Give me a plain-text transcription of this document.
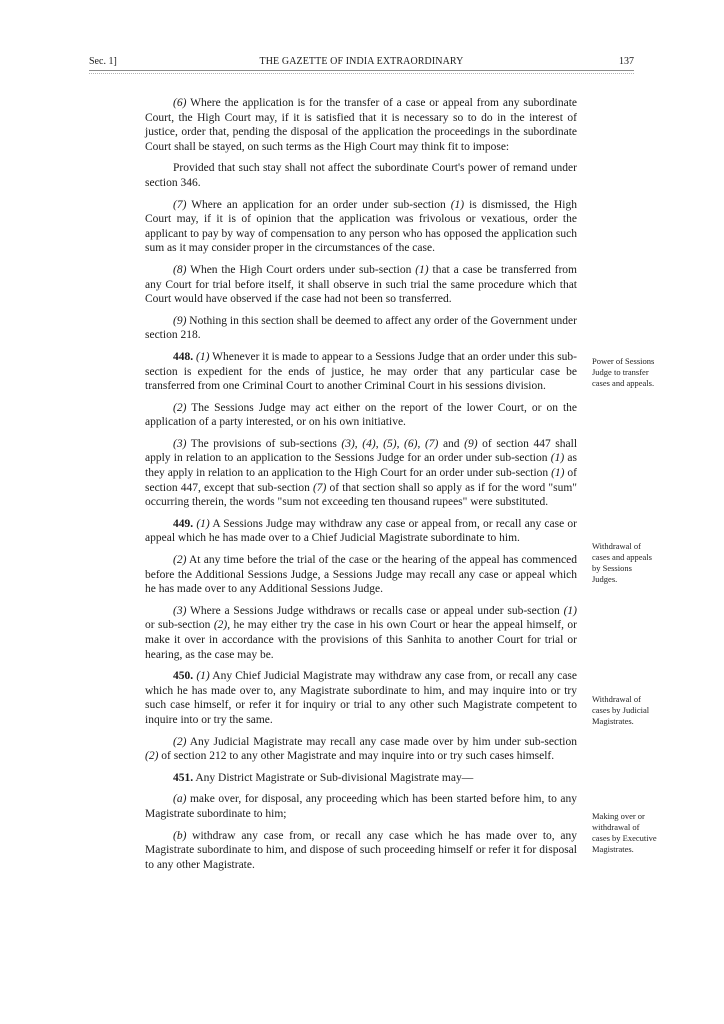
Sec. 1]	THE GAZETTE OF INDIA EXTRAORDINARY	137

(6) Where the application is for the transfer of a case or appeal from any subordinate Court, the High Court may, if it is satisfied that it is necessary so to do in the interest of justice, order that, pending the disposal of the application the proceedings in the subordinate Court shall be stayed, on such terms as the High Court may think fit to impose:

Provided that such stay shall not affect the subordinate Court's power of remand under section 346.

(7) Where an application for an order under sub-section (1) is dismissed, the High Court may, if it is of opinion that the application was frivolous or vexatious, order the applicant to pay by way of compensation to any person who has opposed the application such sum as it may consider proper in the circumstances of the case.

(8) When the High Court orders under sub-section (1) that a case be transferred from any Court for trial before itself, it shall observe in such trial the same procedure which that Court would have observed if the case had not been so transferred.

(9) Nothing in this section shall be deemed to affect any order of the Government under section 218.

448. (1) Whenever it is made to appear to a Sessions Judge that an order under this sub-section is expedient for the ends of justice, he may order that any particular case be transferred from one Criminal Court to another Criminal Court in his sessions division.

(2) The Sessions Judge may act either on the report of the lower Court, or on the application of a party interested, or on his own initiative.

(3) The provisions of sub-sections (3), (4), (5), (6), (7) and (9) of section 447 shall apply in relation to an application to the Sessions Judge for an order under sub-section (1) as they apply in relation to an application to the High Court for an order under sub-section (1) of section 447, except that sub-section (7) of that section shall so apply as if for the word "sum" occurring therein, the words "sum not exceeding ten thousand rupees" were substituted.

449. (1) A Sessions Judge may withdraw any case or appeal from, or recall any case or appeal which he has made over to a Chief Judicial Magistrate subordinate to him.

(2) At any time before the trial of the case or the hearing of the appeal has commenced before the Additional Sessions Judge, a Sessions Judge may recall any case or appeal which he has made over to any Additional Sessions Judge.

(3) Where a Sessions Judge withdraws or recalls case or appeal under sub-section (1) or sub-section (2), he may either try the case in his own Court or hear the appeal himself, or make it over in accordance with the provisions of this Sanhita to another Court for trial or hearing, as the case may be.

450. (1) Any Chief Judicial Magistrate may withdraw any case from, or recall any case which he has made over to, any Magistrate subordinate to him, and may inquire into or try such case himself, or refer it for inquiry or trial to any other such Magistrate competent to inquire into or try the same.

(2) Any Judicial Magistrate may recall any case made over by him under sub-section (2) of section 212 to any other Magistrate and may inquire into or try such cases himself.

451. Any District Magistrate or Sub-divisional Magistrate may—

(a) make over, for disposal, any proceeding which has been started before him, to any Magistrate subordinate to him;

(b) withdraw any case from, or recall any case which he has made over to, any Magistrate subordinate to him, and dispose of such proceeding himself or refer it for disposal to any other Magistrate.

Power of Sessions Judge to transfer cases and appeals.
Withdrawal of cases and appeals by Sessions Judges.
Withdrawal of cases by Judicial Magistrates.
Making over or withdrawal of cases by Executive Magistrates.
